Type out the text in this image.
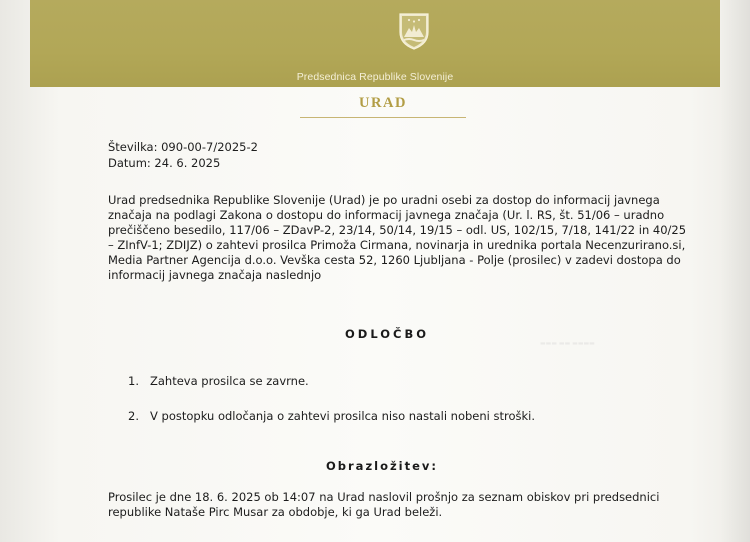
Predsednica Republike Slovenije
URAD
Številka: 090-00-7/2025-2
Datum: 24. 6. 2025
Urad predsednika Republike Slovenije (Urad) je po uradni osebi za dostop do informacij javnega
značaja na podlagi Zakona o dostopu do informacij javnega značaja (Ur. l. RS, št. 51/06 – uradno
prečiščeno besedilo, 117/06 – ZDavP-2, 23/14, 50/14, 19/15 – odl. US, 102/15, 7/18, 141/22 in 40/25
– ZInfV-1; ZDIJZ) o zahtevi prosilca Primoža Cirmana, novinarja in urednika portala Necenzurirano.si,
Media Partner Agencija d.o.o. Vevška cesta 52, 1260 Ljubljana - Polje (prosilec) v zadevi dostopa do
informacij javnega značaja naslednjo
ODLOČBO
▬▬▬ ▬▬ ▬▬▬▬
1. Zahteva prosilca se zavrne.
2. V postopku odločanja o zahtevi prosilca niso nastali nobeni stroški.
Obrazložitev:
Prosilec je dne 18. 6. 2025 ob 14:07 na Urad naslovil prošnjo za seznam obiskov pri predsednici
republike Nataše Pirc Musar za obdobje, ki ga Urad beleži.
